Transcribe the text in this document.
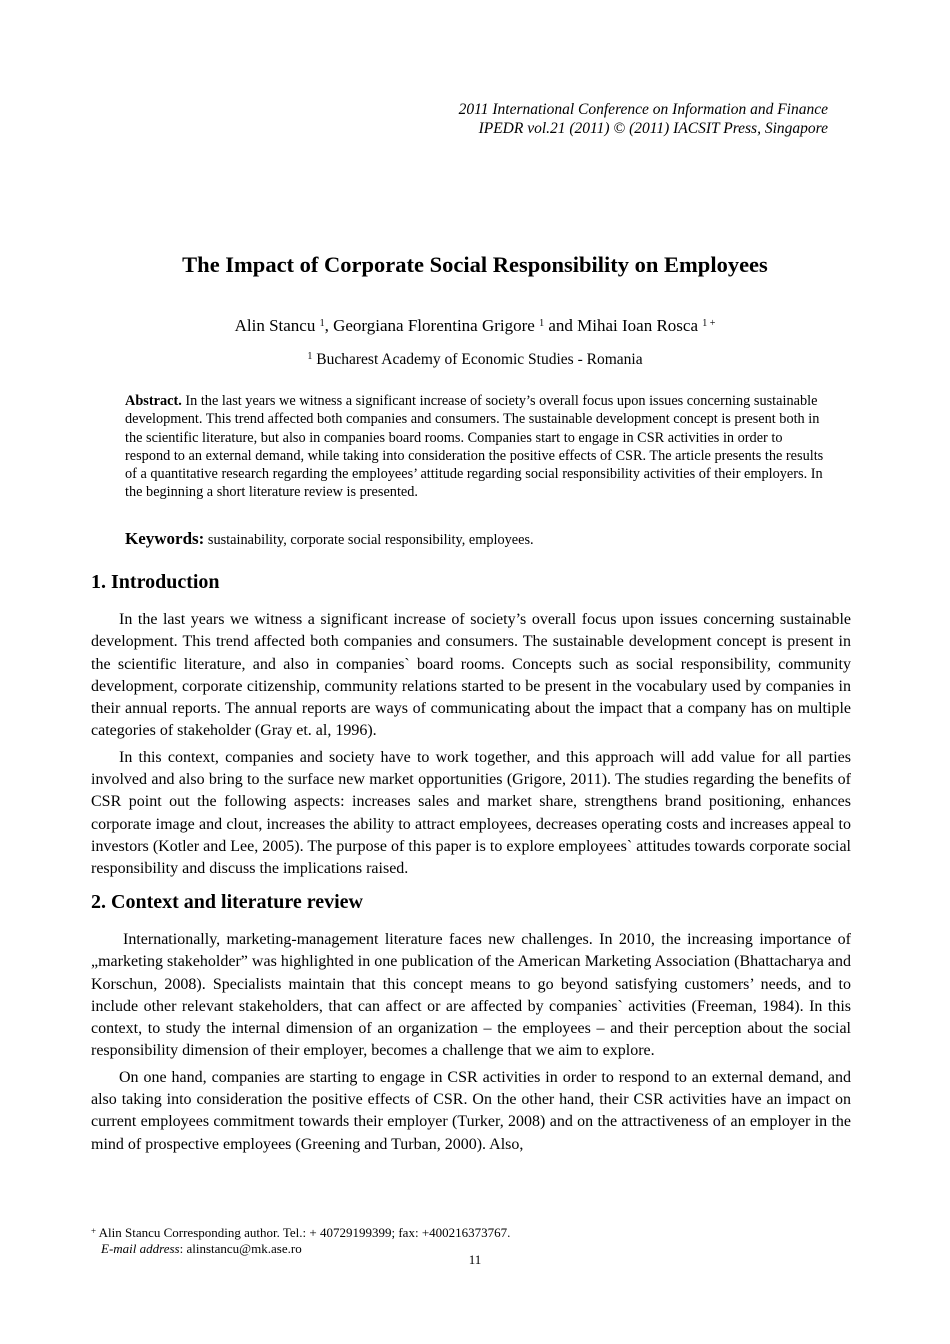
2011 International Conference on Information and Finance
IPEDR vol.21 (2011) © (2011) IACSIT Press, Singapore
The Impact of Corporate Social Responsibility on Employees
Alin Stancu $^1$, Georgiana Florentina Grigore $^1$ and Mihai Ioan Rosca $^{1 +}$
$^1$ Bucharest Academy of Economic Studies - Romania
Abstract. In the last years we witness a significant increase of society’s overall focus upon issues concerning sustainable development. This trend affected both companies and consumers. The sustainable development concept is present both in the scientific literature, but also in companies board rooms. Companies start to engage in CSR activities in order to respond to an external demand, while taking into consideration the positive effects of CSR. The article presents the results of a quantitative research regarding the employees’ attitude regarding social responsibility activities of their employers. In the beginning a short literature review is presented.
Keywords: sustainability, corporate social responsibility, employees.
1. Introduction

In the last years we witness a significant increase of society’s overall focus upon issues concerning sustainable development. This trend affected both companies and consumers. The sustainable development concept is present in the scientific literature, and also in companies` board rooms. Concepts such as social responsibility, community development, corporate citizenship, community relations started to be present in the vocabulary used by companies in their annual reports. The annual reports are ways of communicating about the impact that a company has on multiple categories of stakeholder (Gray et. al, 1996).

In this context, companies and society have to work together, and this approach will add value for all parties involved and also bring to the surface new market opportunities (Grigore, 2011). The studies regarding the benefits of CSR point out the following aspects: increases sales and market share, strengthens brand positioning, enhances corporate image and clout, increases the ability to attract employees, decreases operating costs and increases appeal to investors (Kotler and Lee, 2005). The purpose of this paper is to explore employees` attitudes towards corporate social responsibility and discuss the implications raised.

2. Context and literature review

Internationally, marketing-management literature faces new challenges. In 2010, the increasing importance of „marketing stakeholder” was highlighted in one publication of the American Marketing Association (Bhattacharya and Korschun, 2008). Specialists maintain that this concept means to go beyond satisfying customers’ needs, and to include other relevant stakeholders, that can affect or are affected by companies` activities (Freeman, 1984). In this context, to study the internal dimension of an organization – the employees – and their perception about the social responsibility dimension of their employer, becomes a challenge that we aim to explore.

On one hand, companies are starting to engage in CSR activities in order to respond to an external demand, and also taking into consideration the positive effects of CSR. On the other hand, their CSR activities have an impact on current employees commitment towards their employer (Turker, 2008) and on the attractiveness of an employer in the mind of prospective employees (Greening and Turban, 2000). Also,

+ Alin Stancu Corresponding author. Tel.: + 40729199399; fax: +400216373767.
E-mail address: alinstancu@mk.ase.ro
11
